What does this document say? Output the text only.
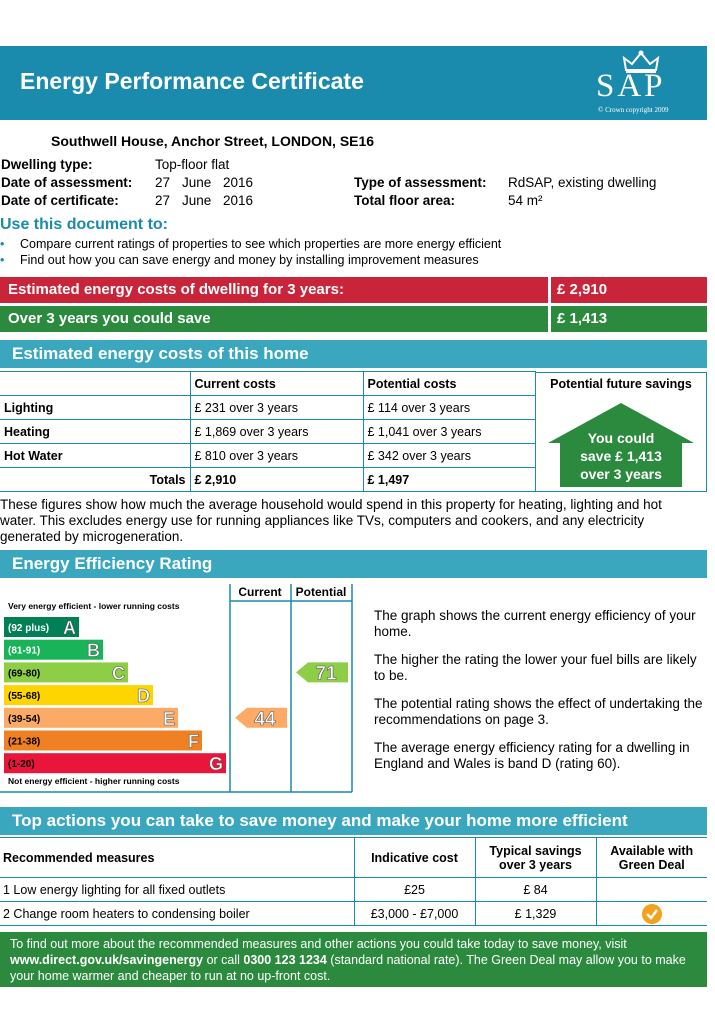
Energy Performance Certificate	SAP
© Crown copyright 2009
Southwell House, Anchor Street, LONDON, SE16
Dwelling type:	Top-floor flat
Date of assessment: 27 June 2016
Date of certificate:	27 June 2016
Type of assessment: RdSAP, existing dwelling
Total floor area:	54 m²
Use this document to:
• Compare current ratings of properties to see which properties are more energy efficient
• Find out how you can save energy and money by installing improvement measures
Estimated energy costs of dwelling for 3 years:	£ 2,910
Over 3 years you could save	£ 1,413
Estimated energy costs of this home
	Current costs	Potential costs
Lighting	£ 231 over 3 years	£ 114 over 3 years
Heating	£ 1,869 over 3 years	£ 1,041 over 3 years
Hot Water	£ 810 over 3 years	£ 342 over 3 years
Totals	£ 2,910	£ 1,497
Potential future savings
You could
save £ 1,413
over 3 years
These figures show how much the average household would spend in this property for heating, lighting and hot water. This excludes energy use for running appliances like TVs, computers and cookers, and any electricity generated by microgeneration.
Energy Efficiency Rating
Current Potential
Very energy efficient - lower running costs
Not energy efficient - higher running costs
(92 plus) A
(81-91)	B
(69-80)	C
(55-68)	D
(39-54)	E
(21-38)	F
(1-20)	G
44
71
The graph shows the current energy efficiency of your home.
The higher the rating the lower your fuel bills are likely to be.
The potential rating shows the effect of undertaking the recommendations on page 3.
The average energy efficiency rating for a dwelling in England and Wales is band D (rating 60).
Top actions you can take to save money and make your home more efficient
Recommended measures	Indicative cost	Typical savings over 3 years	Available with Green Deal
1 Low energy lighting for all fixed outlets	£25	£ 84	
2 Change room heaters to condensing boiler	£3,000 - £7,000	£ 1,329	
To find out more about the recommended measures and other actions you could take today to save money, visit www.direct.gov.uk/savingenergy or call 0300 123 1234 (standard national rate). The Green Deal may allow you to make your home warmer and cheaper to run at no up-front cost.
